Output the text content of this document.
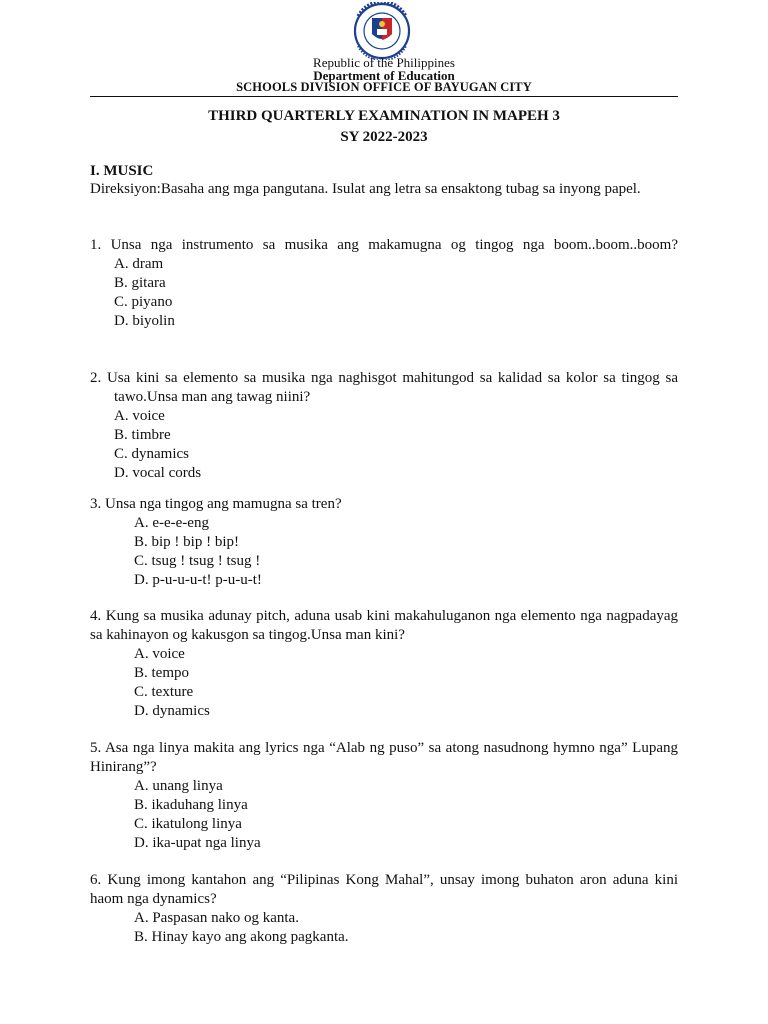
Republic of the Philippines
Department of Education
SCHOOLS DIVISION OFFICE OF BAYUGAN CITY
THIRD QUARTERLY EXAMINATION IN MAPEH 3
SY 2022-2023
I. MUSIC
Direksiyon:Basaha ang mga pangutana. Isulat ang letra sa ensaktong tubag sa inyong papel.
1. Unsa nga instrumento sa musika ang makamugna og tingog nga boom..boom..boom?
A. dram
B. gitara
C. piyano
D. biyolin
2. Usa kini sa elemento sa musika nga naghisgot mahitungod sa kalidad sa kolor sa tingog sa tawo.Unsa man ang tawag niini?
A. voice
B. timbre
C. dynamics
D. vocal cords
3. Unsa nga tingog ang mamugna sa tren?
A. e-e-e-eng
B. bip ! bip ! bip!
C. tsug ! tsug ! tsug !
D. p-u-u-u-t! p-u-u-t!
4. Kung sa musika adunay pitch, aduna usab kini makahuluganon nga elemento nga nagpadayag sa kahinayon og kakusgon sa tingog.Unsa man kini?
A. voice
B. tempo
C. texture
D. dynamics
5. Asa nga linya makita ang lyrics nga “Alab ng puso” sa atong nasudnong hymno nga” Lupang Hinirang”?
A. unang linya
B. ikaduhang linya
C. ikatulong linya
D. ika-upat nga linya
6. Kung imong kantahon ang “Pilipinas Kong Mahal”, unsay imong buhaton aron aduna kini haom nga dynamics?
A. Paspasan nako og kanta.
B. Hinay kayo ang akong pagkanta.
